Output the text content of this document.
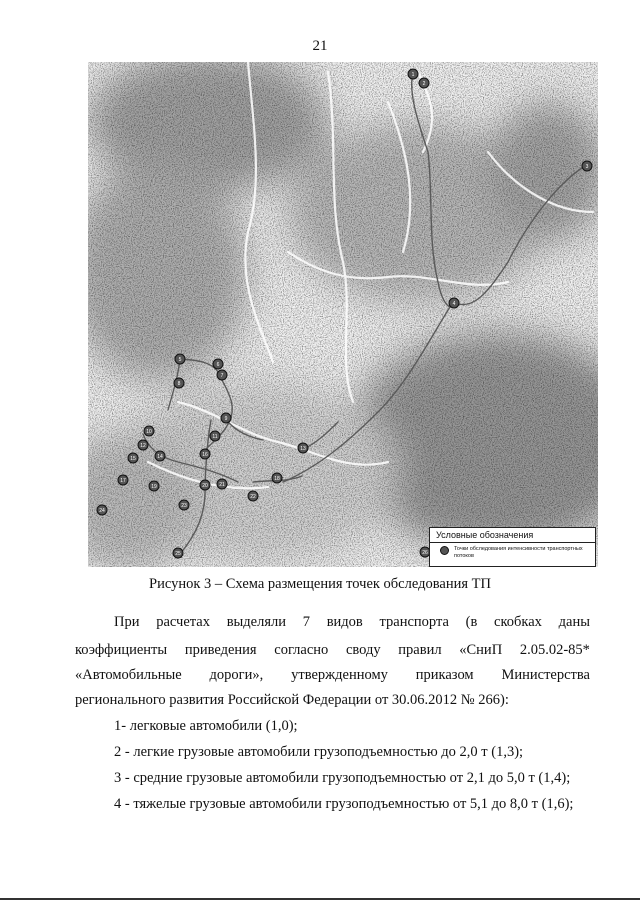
21
1
2
3
4
5
6
7
8
9
10
11
12	13
14
15
16
17	18
19	20 21
22
23
24
25	26
Условные обозначения
Точки обследования интенсивности транспортных потоков
Рисунок 3 – Схема размещения точек обследования ТП
При расчетах выделяли 7 видов транспорта (в скобках даны
коэффициенты приведения согласно своду правил «СниП 2.05.02-85*
«Автомобильные дороги», утвержденному приказом Министерства
регионального развития Российской Федерации от 30.06.2012 № 266):
1- легковые автомобили (1,0);
2 - легкие грузовые автомобили грузоподъемностью до 2,0 т (1,3);
3 - средние грузовые автомобили грузоподъемностью от 2,1 до 5,0 т (1,4);
4 - тяжелые грузовые автомобили грузоподъемностью от 5,1 до 8,0 т (1,6);
